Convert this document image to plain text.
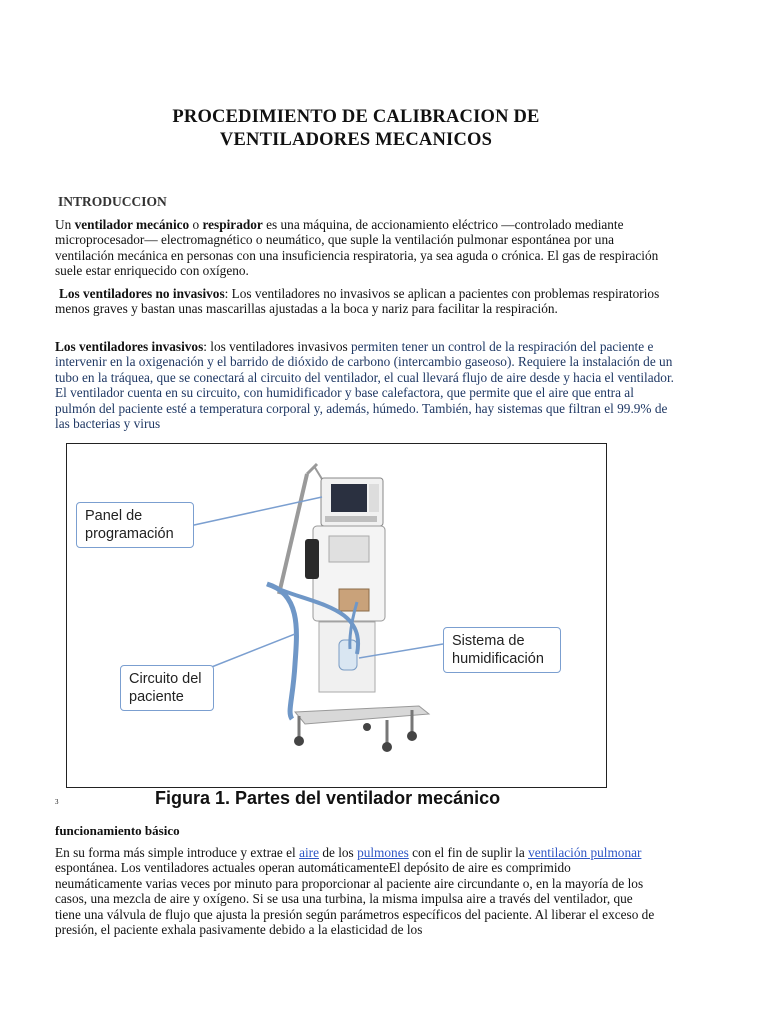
PROCEDIMIENTO DE CALIBRACION DE

VENTILADORES MECANICOS
INTRODUCCION
Un ventilador mecánico o respirador es una máquina, de accionamiento eléctrico —controlado mediante microprocesador— electromagnético o neumático, que suple la ventilación pulmonar espontánea por una ventilación mecánica en personas con una insuficiencia respiratoria, ya sea aguda o crónica. El gas de respiración suele estar enriquecido con oxígeno.
Los ventiladores no invasivos: Los ventiladores no invasivos se aplican a pacientes con problemas respiratorios menos graves y bastan unas mascarillas ajustadas a la boca y nariz para facilitar la respiración.
Los ventiladores invasivos: los ventiladores invasivos permiten tener un control de la respiración del paciente e intervenir en la oxigenación y el barrido de dióxido de carbono (intercambio gaseoso). Requiere la instalación de un tubo en la tráquea, que se conectará al circuito del ventilador, el cual llevará flujo de aire desde y hacia el ventilador. El ventilador cuenta en su circuito, con humidificador y base calefactora, que permite que el aire que entra al pulmón del paciente esté a temperatura corporal y, además, húmedo. También, hay sistemas que filtran el 99.9% de las bacterias y virus
Panel de programación
Sistema de humidificación
Circuito del paciente
3	Figura 1. Partes del ventilador mecánico
funcionamiento básico
En su forma más simple introduce y extrae el aire de los pulmones con el fin de suplir la ventilación pulmonar espontánea. Los ventiladores actuales operan automáticamenteEl depósito de aire es comprimido neumáticamente varias veces por minuto para proporcionar al paciente aire circundante o, en la mayoría de los casos, una mezcla de aire y oxígeno. Si se usa una turbina, la misma impulsa aire a través del ventilador, que tiene una válvula de flujo que ajusta la presión según parámetros específicos del paciente. Al liberar el exceso de presión, el paciente exhala pasivamente debido a la elasticidad de los
